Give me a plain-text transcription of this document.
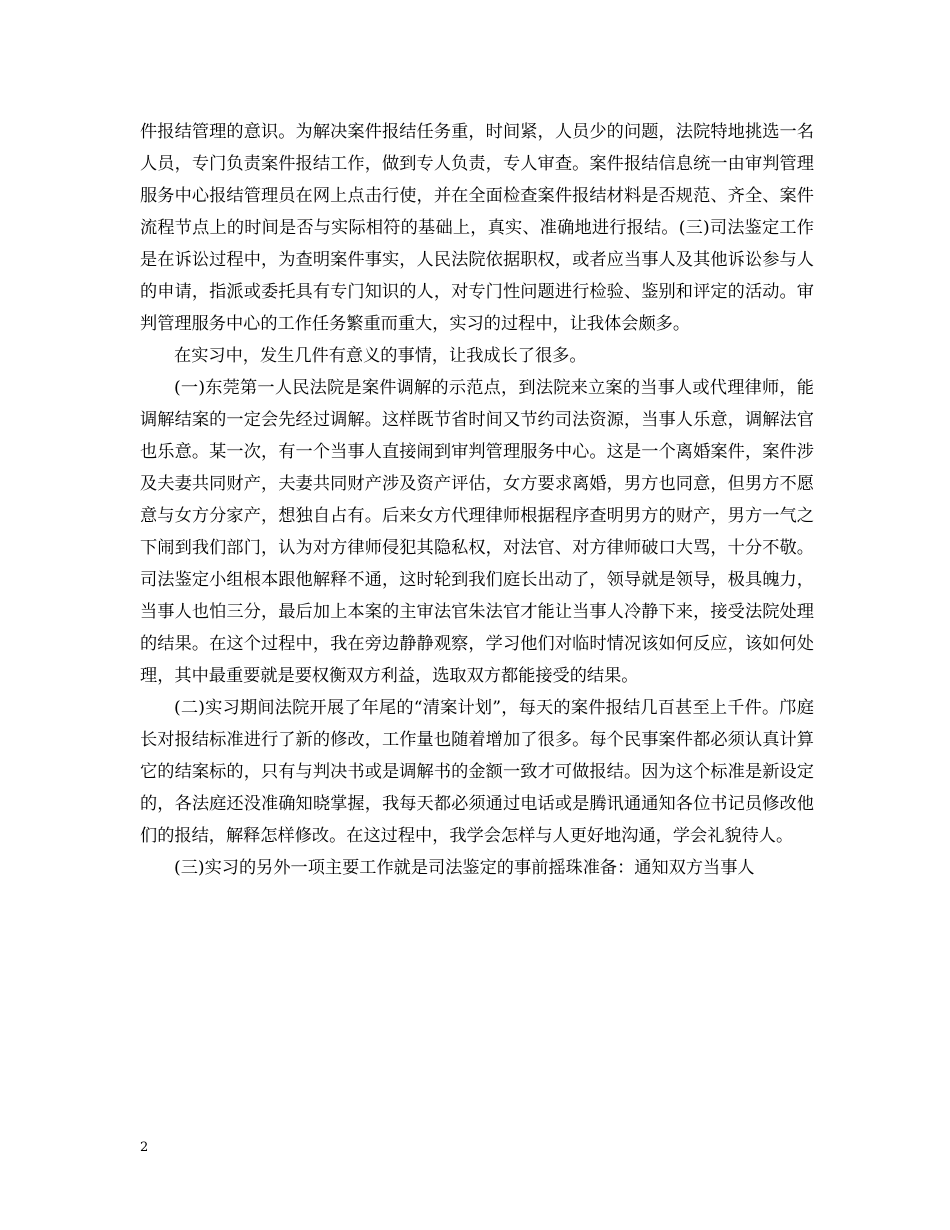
件报结管理的意识。为解决案件报结任务重，时间紧，人员少的问题，法院特地挑选一名人员，专门负责案件报结工作，做到专人负责，专人审查。案件报结信息统一由审判管理服务中心报结管理员在网上点击行使，并在全面检查案件报结材料是否规范、齐全、案件流程节点上的时间是否与实际相符的基础上，真实、准确地进行报结。(三)司法鉴定工作是在诉讼过程中，为查明案件事实，人民法院依据职权，或者应当事人及其他诉讼参与人的申请，指派或委托具有专门知识的人，对专门性问题进行检验、鉴别和评定的活动。审判管理服务中心的工作任务繁重而重大，实习的过程中，让我体会颇多。

在实习中，发生几件有意义的事情，让我成长了很多。

(一)东莞第一人民法院是案件调解的示范点，到法院来立案的当事人或代理律师，能调解结案的一定会先经过调解。这样既节省时间又节约司法资源，当事人乐意，调解法官也乐意。某一次，有一个当事人直接闹到审判管理服务中心。这是一个离婚案件，案件涉及夫妻共同财产，夫妻共同财产涉及资产评估，女方要求离婚，男方也同意，但男方不愿意与女方分家产，想独自占有。后来女方代理律师根据程序查明男方的财产，男方一气之下闹到我们部门，认为对方律师侵犯其隐私权，对法官、对方律师破口大骂，十分不敬。司法鉴定小组根本跟他解释不通，这时轮到我们庭长出动了，领导就是领导，极具魄力，当事人也怕三分，最后加上本案的主审法官朱法官才能让当事人冷静下来，接受法院处理的结果。在这个过程中，我在旁边静静观察，学习他们对临时情况该如何反应，该如何处理，其中最重要就是要权衡双方利益，选取双方都能接受的结果。

(二)实习期间法院开展了年尾的“清案计划”，每天的案件报结几百甚至上千件。邝庭长对报结标准进行了新的修改，工作量也随着增加了很多。每个民事案件都必须认真计算它的结案标的，只有与判决书或是调解书的金额一致才可做报结。因为这个标准是新设定的，各法庭还没准确知晓掌握，我每天都必须通过电话或是腾讯通通知各位书记员修改他们的报结，解释怎样修改。在这过程中，我学会怎样与人更好地沟通，学会礼貌待人。

(三)实习的另外一项主要工作就是司法鉴定的事前摇珠准备：通知双方当事人

2
